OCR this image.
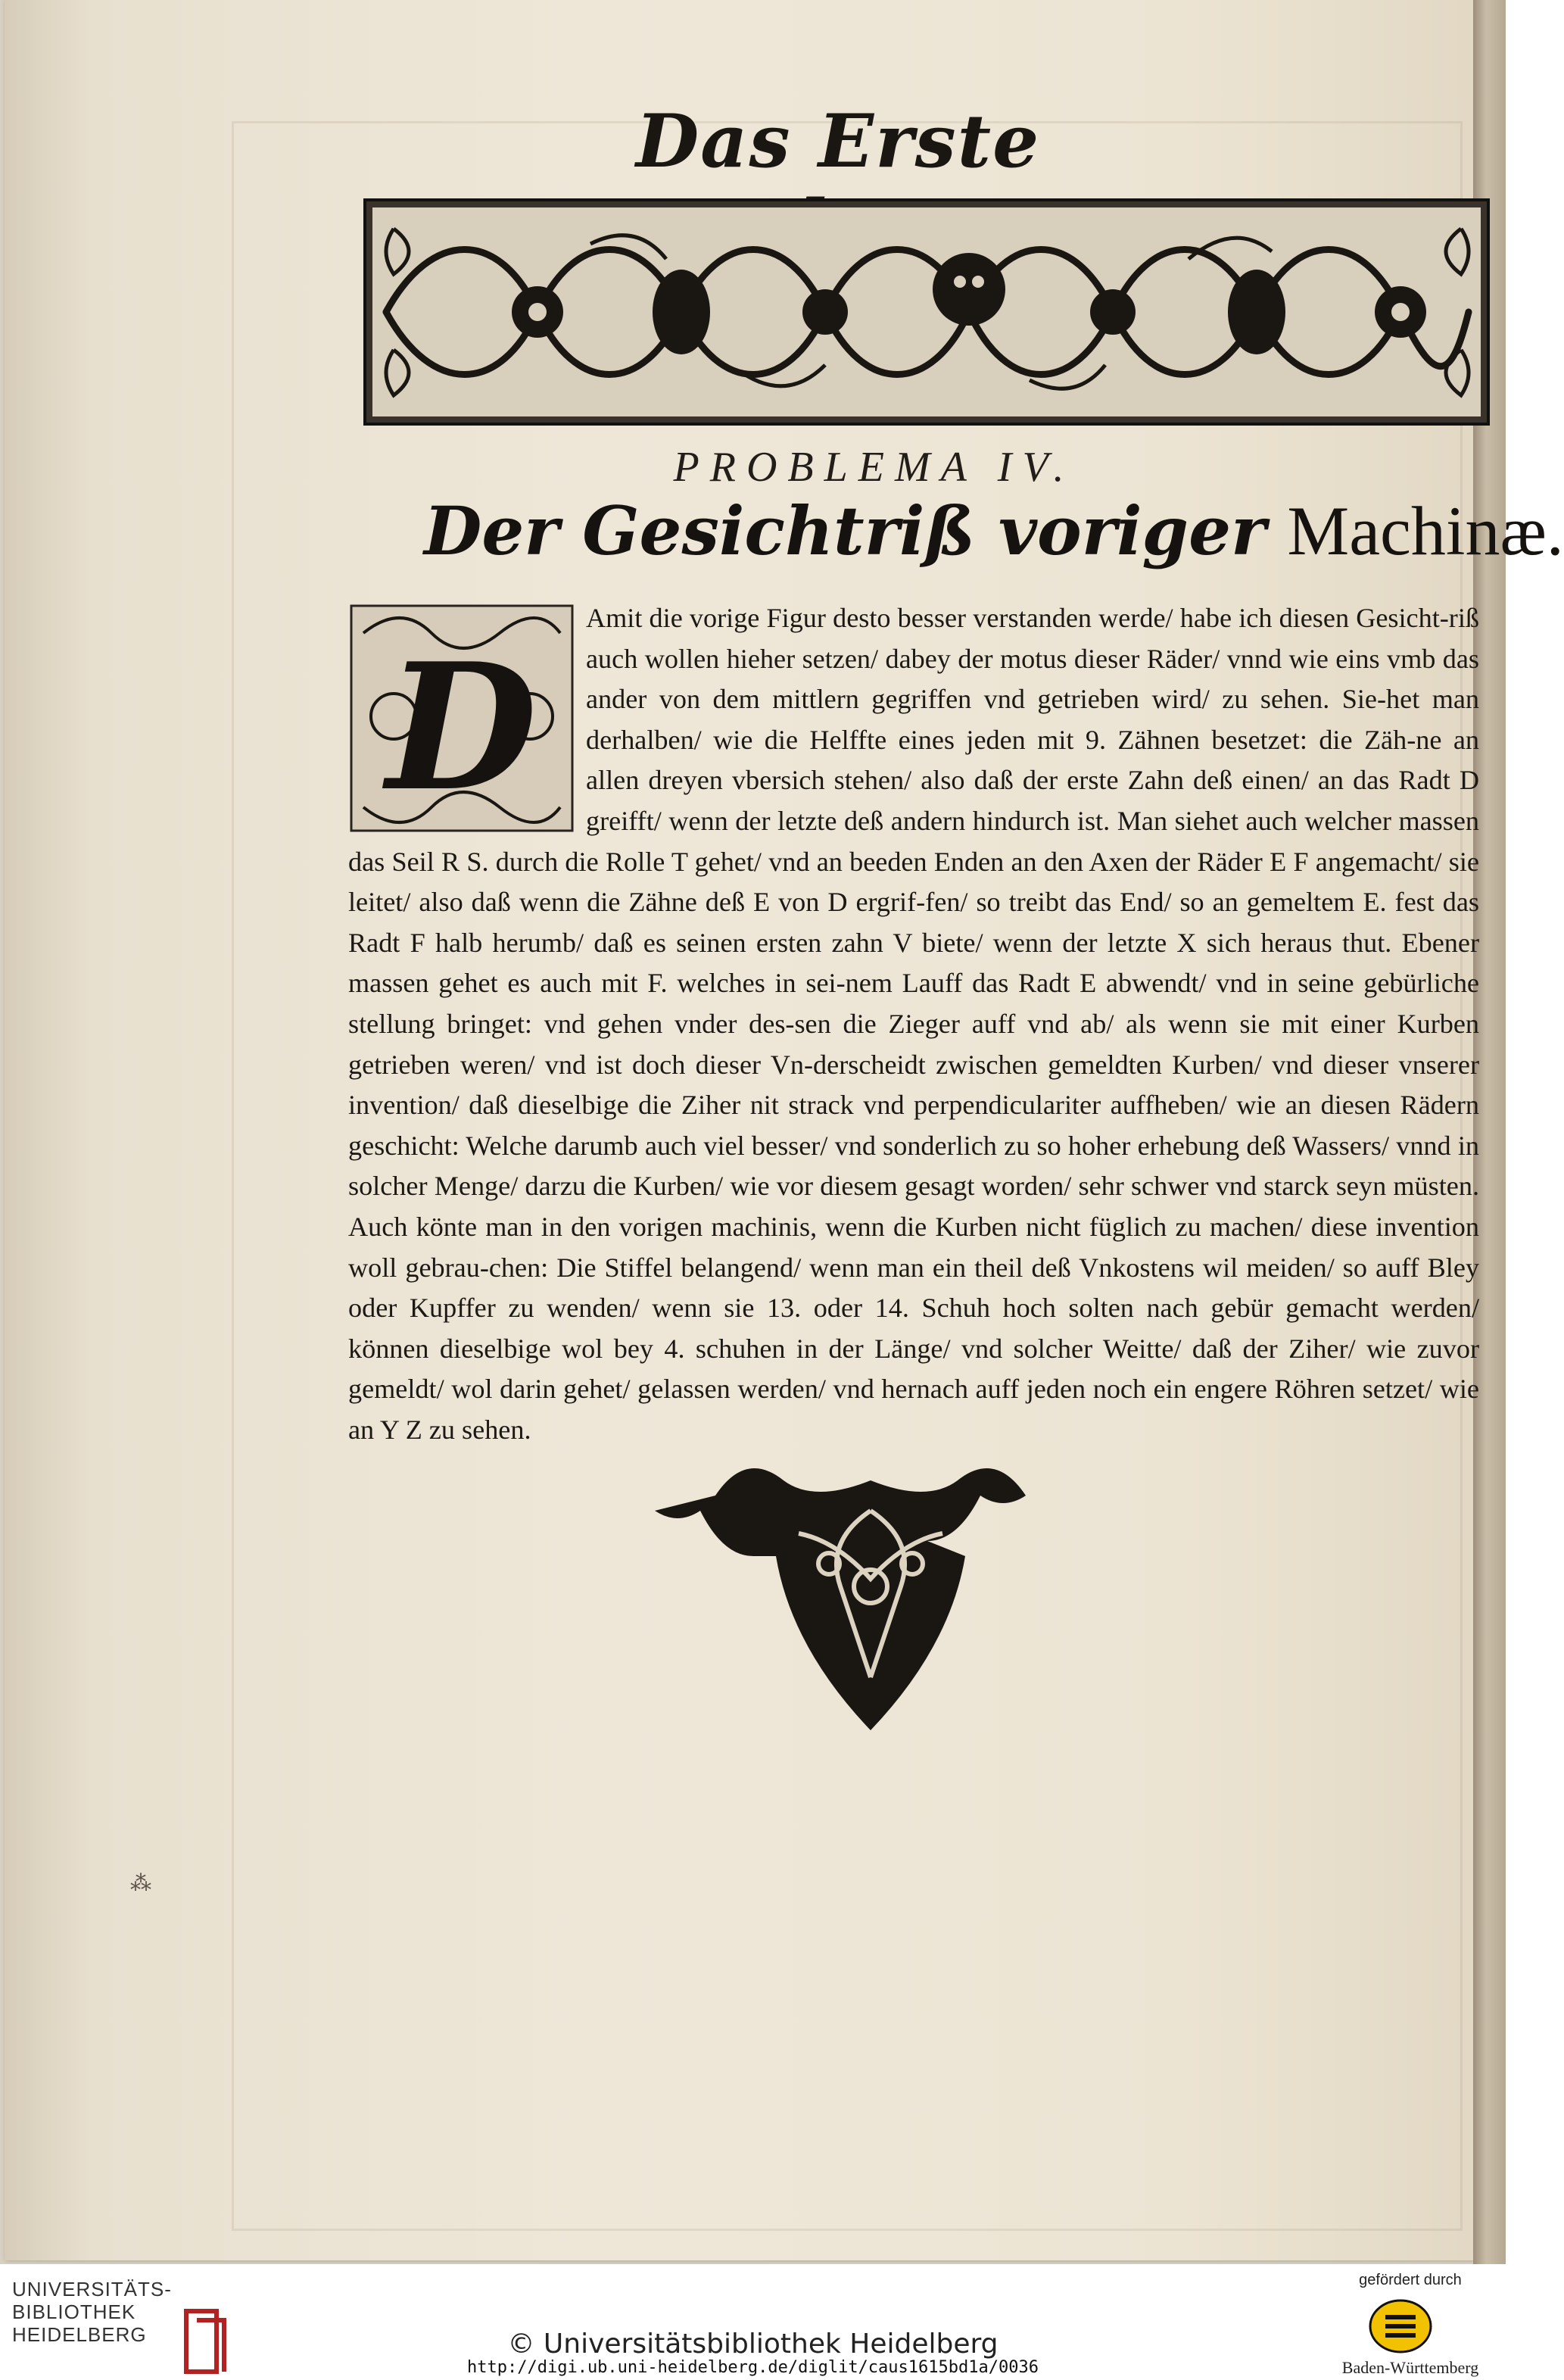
Das Erste
PROBLEMA IV.
Der Gesichtriß voriger Machinæ.
D

Amit die vorige Figur desto besser verstanden werde/ habe ich diesen Gesicht-riß auch wollen hieher setzen/ dabey der motus dieser Räder/ vnnd wie eins vmb das ander von dem mittlern gegriffen vnd getrieben wird/ zu sehen. Sie-het man derhalben/ wie die Helffte eines jeden mit 9. Zähnen besetzet: die Zäh-ne an allen dreyen vbersich stehen/ also daß der erste Zahn deß einen/ an das Radt D greifft/ wenn der letzte deß andern hindurch ist. Man siehet auch welcher massen das Seil R S. durch die Rolle T gehet/ vnd an beeden Enden an den Axen der Räder E F angemacht/ sie leitet/ also daß wenn die Zähne deß E von D ergrif-fen/ so treibt das End/ so an gemeltem E. fest das Radt F halb herumb/ daß es seinen ersten zahn V biete/ wenn der letzte X sich heraus thut. Ebener massen gehet es auch mit F. welches in sei-nem Lauff das Radt E abwendt/ vnd in seine gebürliche stellung bringet: vnd gehen vnder des-sen die Zieger auff vnd ab/ als wenn sie mit einer Kurben getrieben weren/ vnd ist doch dieser Vn-derscheidt zwischen gemeldten Kurben/ vnd dieser vnserer invention/ daß dieselbige die Ziher nit strack vnd perpendiculariter auffheben/ wie an diesen Rädern geschicht: Welche darumb auch viel besser/ vnd sonderlich zu so hoher erhebung deß Wassers/ vnnd in solcher Menge/ darzu die Kurben/ wie vor diesem gesagt worden/ sehr schwer vnd starck seyn müsten. Auch könte man in den vorigen machinis, wenn die Kurben nicht füglich zu machen/ diese invention woll gebrau-chen: Die Stiffel belangend/ wenn man ein theil deß Vnkostens wil meiden/ so auff Bley oder Kupffer zu wenden/ wenn sie 13. oder 14. Schuh hoch solten nach gebür gemacht werden/ können dieselbige wol bey 4. schuhen in der Länge/ vnd solcher Weitte/ daß der Ziher/ wie zuvor gemeldt/ wol darin gehet/ gelassen werden/ vnd hernach auff jeden noch ein engere Röhren setzet/ wie an Y Z zu sehen.

⁂
UNIVERSITÄTS-
BIBLIOTHEK
HEIDELBERG	© Universitätsbibliothek Heidelberg
http://digi.ub.uni-heidelberg.de/diglit/caus1615bd1a/0036
gefördert durch
Baden-Württemberg
